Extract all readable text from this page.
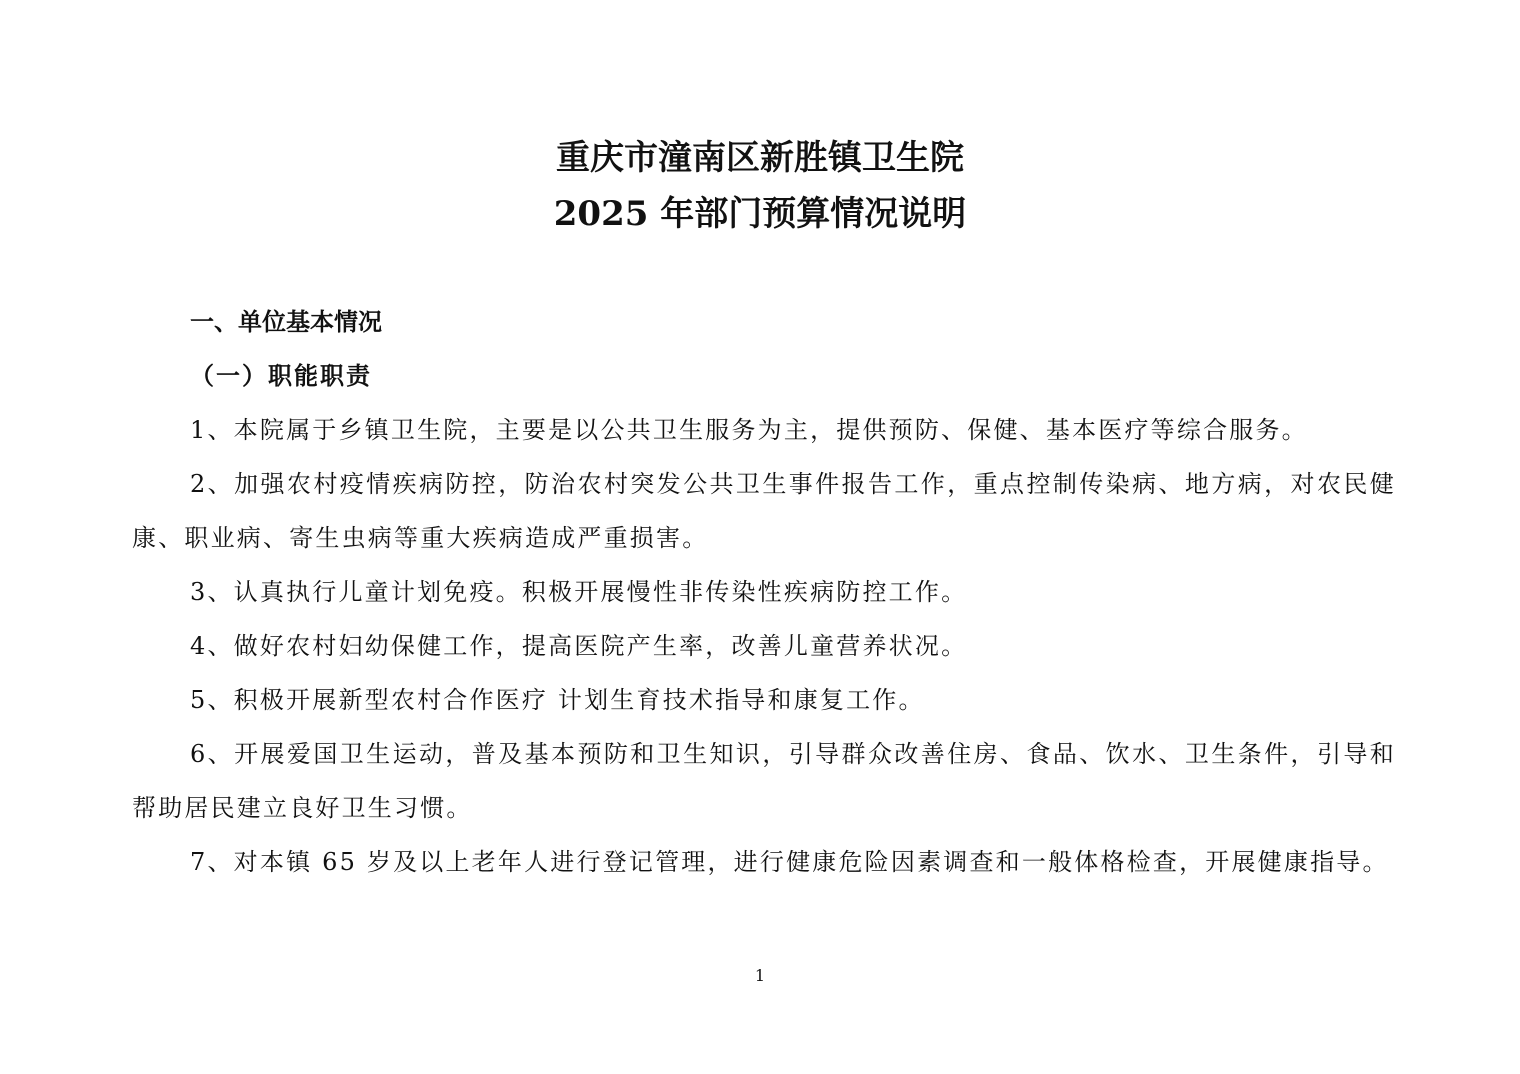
重庆市潼南区新胜镇卫生院
2025 年部门预算情况说明
一、单位基本情况
（一）职能职责

1、本院属于乡镇卫生院，主要是以公共卫生服务为主，提供预防、保健、基本医疗等综合服务。

2、加强农村疫情疾病防控，防治农村突发公共卫生事件报告工作，重点控制传染病、地方病，对农民健康、职业病、寄生虫病等重大疾病造成严重损害。

3、认真执行儿童计划免疫。积极开展慢性非传染性疾病防控工作。

4、做好农村妇幼保健工作，提高医院产生率，改善儿童营养状况。

5、积极开展新型农村合作医疗 计划生育技术指导和康复工作。

6、开展爱国卫生运动，普及基本预防和卫生知识，引导群众改善住房、食品、饮水、卫生条件，引导和帮助居民建立良好卫生习惯。

7、对本镇 65 岁及以上老年人进行登记管理，进行健康危险因素调查和一般体格检查，开展健康指导。

1
